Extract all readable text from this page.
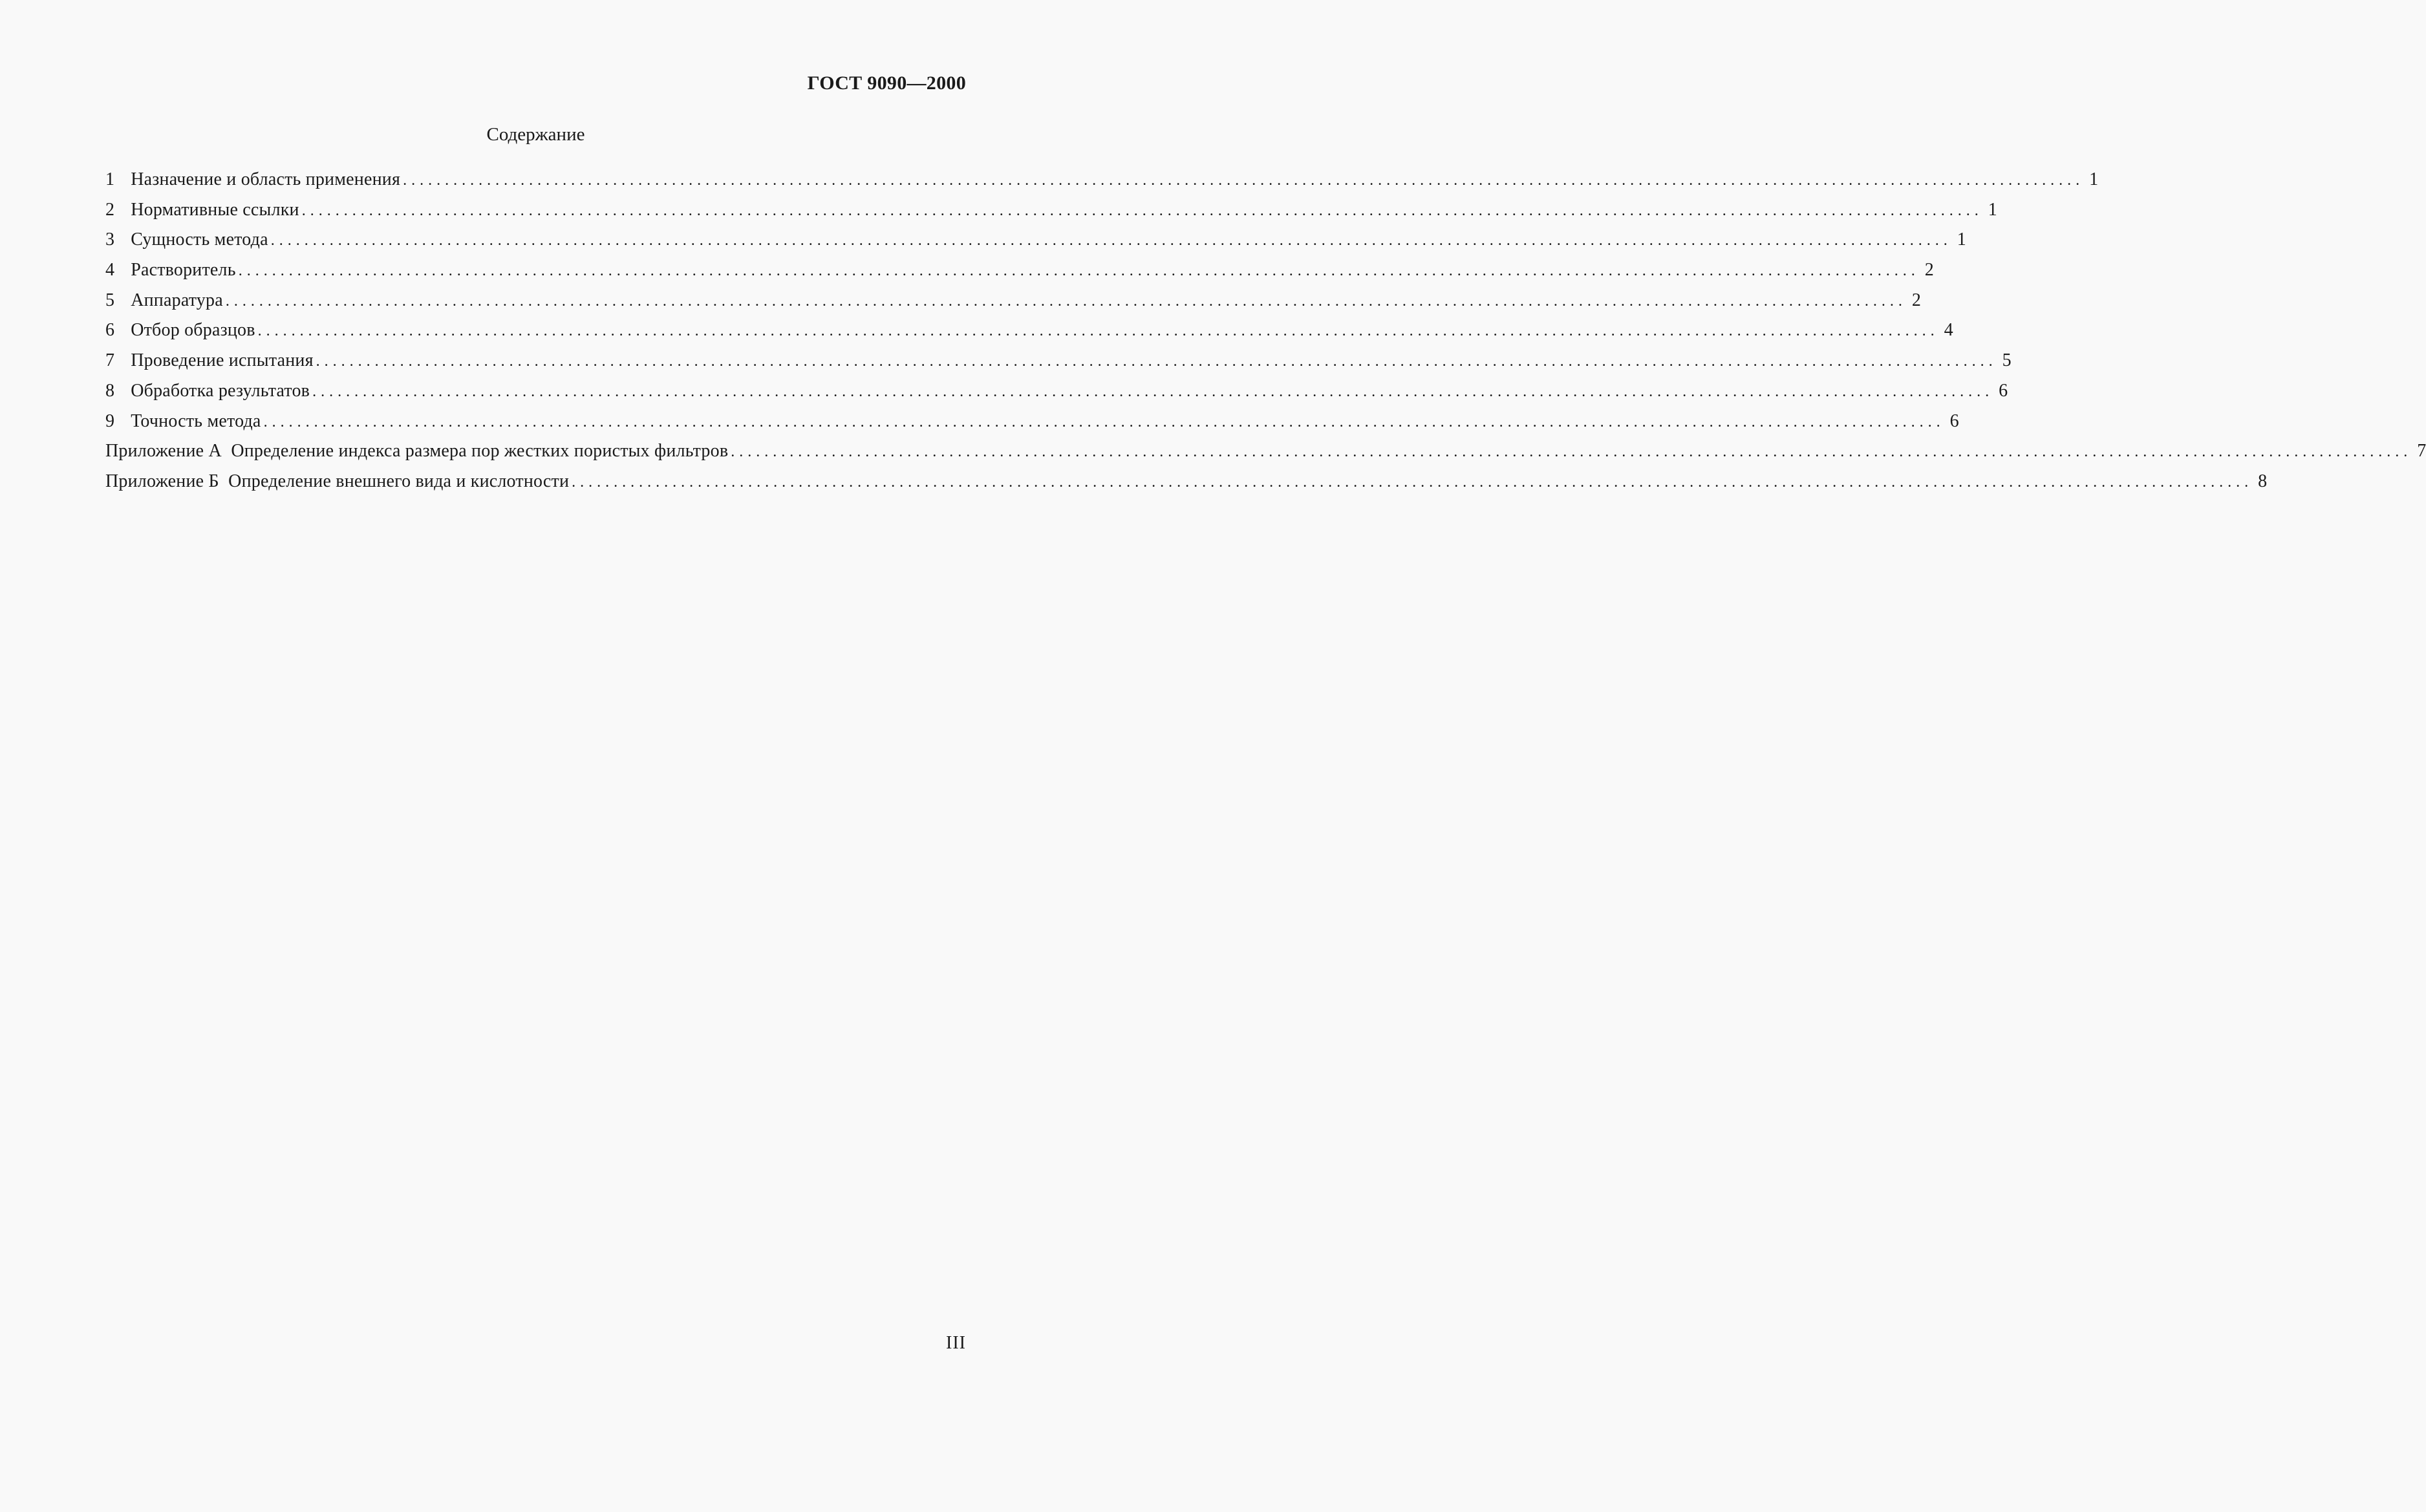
ГОСТ 9090—2000
Содержание
1 Назначение и область применения ........................................................................................................................................................................................................ 1
2 Нормативные ссылки ........................................................................................................................................................................................................ 1
3 Сущность метода ........................................................................................................................................................................................................ 1
4 Растворитель ........................................................................................................................................................................................................ 2
5 Аппаратура ........................................................................................................................................................................................................ 2
6 Отбор образцов ........................................................................................................................................................................................................ 4
7 Проведение испытания ........................................................................................................................................................................................................ 5
8 Обработка результатов ........................................................................................................................................................................................................ 6
9 Точность метода ........................................................................................................................................................................................................ 6
Приложение А Определение индекса размера пор жестких пористых фильтров ........................................................................................................................................................................................................ 7
Приложение Б Определение внешнего вида и кислотности ........................................................................................................................................................................................................ 8
III
